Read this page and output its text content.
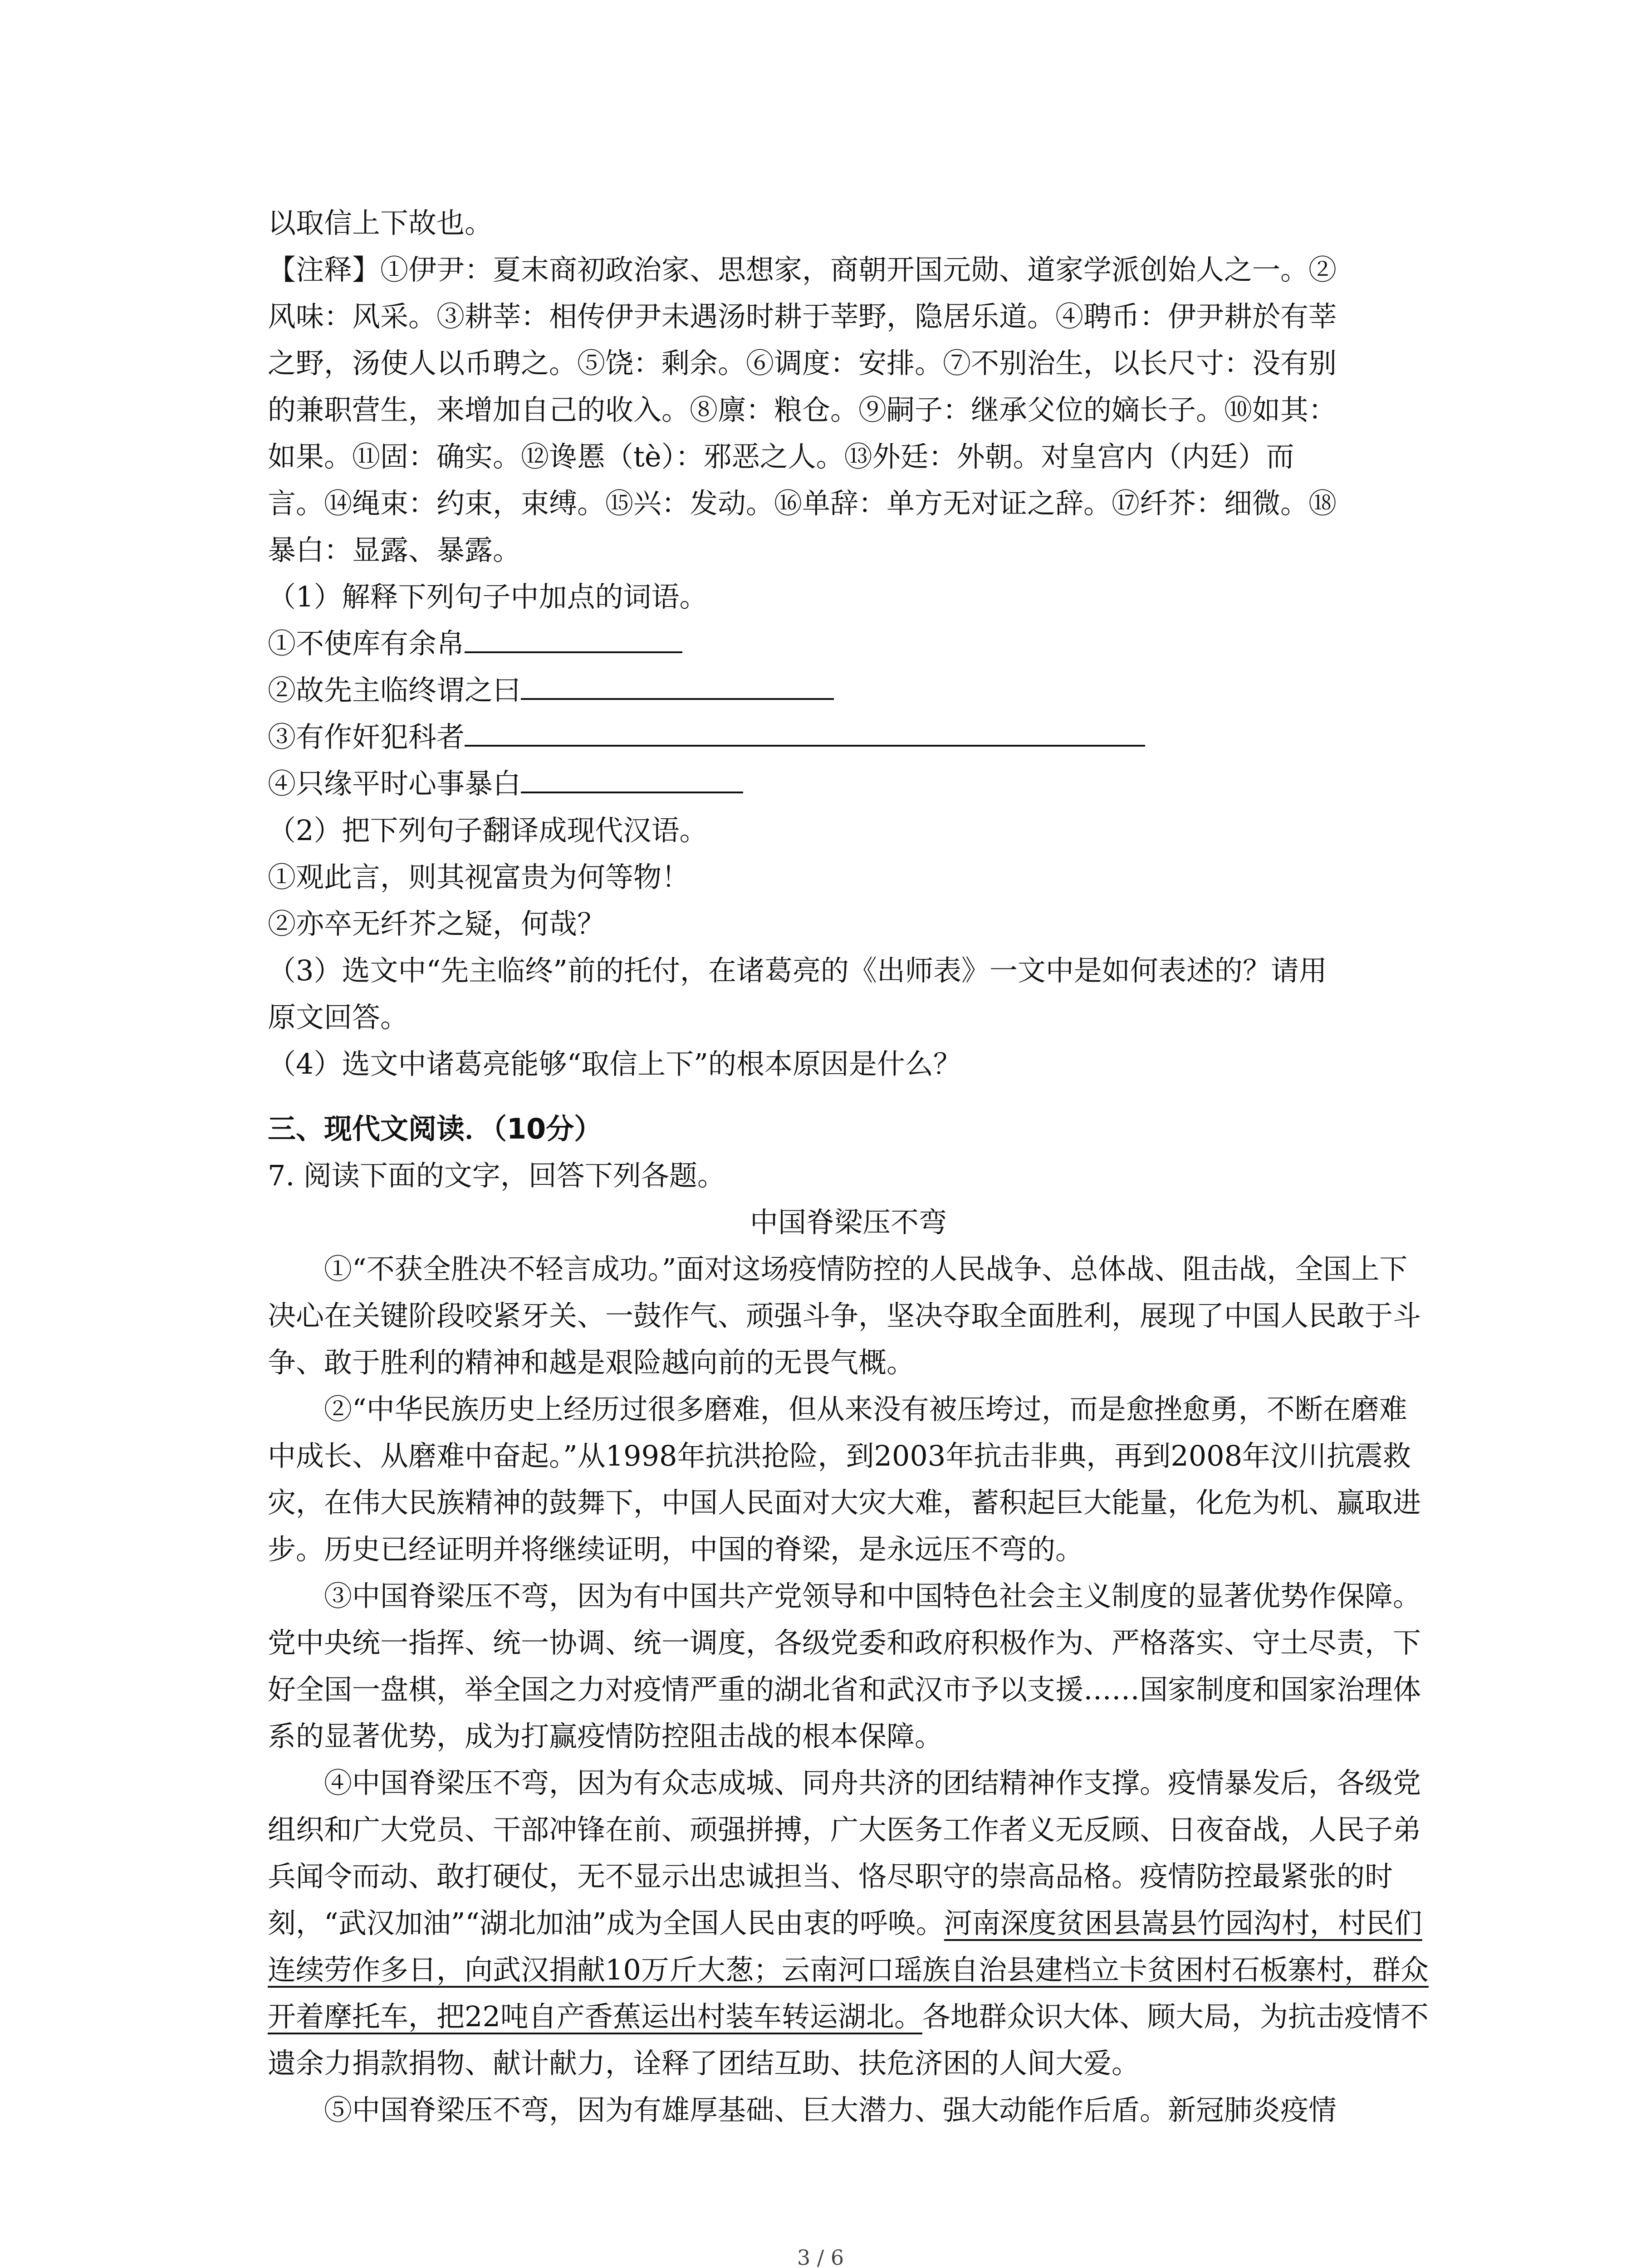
以取信上下故也。
【注释】①伊尹：夏末商初政治家、思想家，商朝开国元勋、道家学派创始人之一。②
风味：风采。③耕莘：相传伊尹未遇汤时耕于莘野，隐居乐道。④聘币：伊尹耕於有莘
之野，汤使人以币聘之。⑤饶：剩余。⑥调度：安排。⑦不别治生，以长尺寸：没有别
的兼职营生，来增加自己的收入。⑧廪：粮仓。⑨嗣子：继承父位的嫡长子。⑩如其：
如果。⑪固：确实。⑫谗慝（tè）：邪恶之人。⑬外廷：外朝。对皇宫内（内廷）而
言。⑭绳束：约束，束缚。⑮兴：发动。⑯单辞：单方无对证之辞。⑰纤芥：细微。⑱
暴白：显露、暴露。
（1）解释下列句子中加点的词语。
①不使库有余帛
②故先主临终谓之曰
③有作奸犯科者
④只缘平时心事暴白
（2）把下列句子翻译成现代汉语。
①观此言，则其视富贵为何等物！
②亦卒无纤芥之疑，何哉？
（3）选文中“先主临终”前的托付，在诸葛亮的《出师表》一文中是如何表述的？请用
原文回答。
（4）选文中诸葛亮能够“取信上下”的根本原因是什么？
三、现代文阅读．（10分）
7. 阅读下面的文字，回答下列各题。
中国脊梁压不弯
①“不获全胜决不轻言成功。”面对这场疫情防控的人民战争、总体战、阻击战，全国上下决心在关键阶段咬紧牙关、一鼓作气、顽强斗争，坚决夺取全面胜利，展现了中国人民敢于斗争、敢于胜利的精神和越是艰险越向前的无畏气概。
②“中华民族历史上经历过很多磨难，但从来没有被压垮过，而是愈挫愈勇，不断在磨难中成长、从磨难中奋起。”从1998年抗洪抢险，到2003年抗击非典，再到2008年汶川抗震救灾，在伟大民族精神的鼓舞下，中国人民面对大灾大难，蓄积起巨大能量，化危为机、赢取进步。历史已经证明并将继续证明，中国的脊梁，是永远压不弯的。
③中国脊梁压不弯，因为有中国共产党领导和中国特色社会主义制度的显著优势作保障。党中央统一指挥、统一协调、统一调度，各级党委和政府积极作为、严格落实、守土尽责，下好全国一盘棋，举全国之力对疫情严重的湖北省和武汉市予以支援……国家制度和国家治理体系的显著优势，成为打赢疫情防控阻击战的根本保障。
④中国脊梁压不弯，因为有众志成城、同舟共济的团结精神作支撑。疫情暴发后，各级党组织和广大党员、干部冲锋在前、顽强拼搏，广大医务工作者义无反顾、日夜奋战，人民子弟兵闻令而动、敢打硬仗，无不显示出忠诚担当、恪尽职守的崇高品格。疫情防控最紧张的时刻，“武汉加油”“湖北加油”成为全国人民由衷的呼唤。河南深度贫困县嵩县竹园沟村，村民们连续劳作多日，向武汉捐献10万斤大葱；云南河口瑶族自治县建档立卡贫困村石板寨村，群众开着摩托车，把22吨自产香蕉运出村装车转运湖北。各地群众识大体、顾大局，为抗击疫情不遗余力捐款捐物、献计献力，诠释了团结互助、扶危济困的人间大爱。
⑤中国脊梁压不弯，因为有雄厚基础、巨大潜力、强大动能作后盾。新冠肺炎疫情
3 / 6
